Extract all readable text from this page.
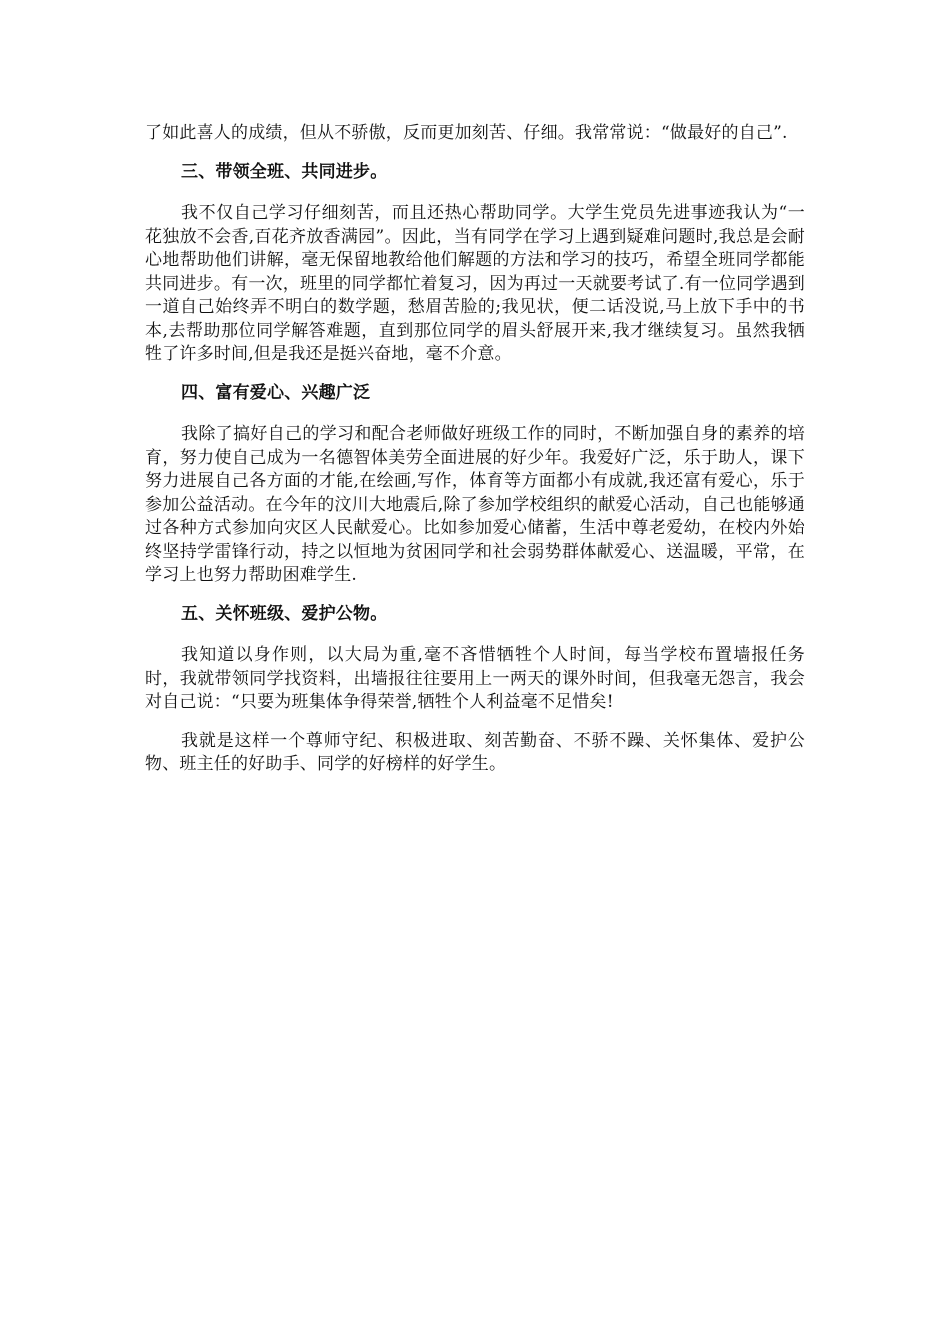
了如此喜人的成绩，但从不骄傲，反而更加刻苦、仔细。我常常说：“做最好的自己”.

三、带领全班、共同进步。

我不仅自己学习仔细刻苦，而且还热心帮助同学。大学生党员先进事迹我认为“一花独放不会香,百花齐放香满园”。因此，当有同学在学习上遇到疑难问题时,我总是会耐心地帮助他们讲解，毫无保留地教给他们解题的方法和学习的技巧，希望全班同学都能共同进步。有一次，班里的同学都忙着复习，因为再过一天就要考试了.有一位同学遇到一道自己始终弄不明白的数学题，愁眉苦脸的;我见状，便二话没说,马上放下手中的书本,去帮助那位同学解答难题，直到那位同学的眉头舒展开来,我才继续复习。虽然我牺牲了许多时间,但是我还是挺兴奋地，毫不介意。

四、富有爱心、兴趣广泛

我除了搞好自己的学习和配合老师做好班级工作的同时，不断加强自身的素养的培育，努力使自己成为一名德智体美劳全面进展的好少年。我爱好广泛，乐于助人，课下努力进展自己各方面的才能,在绘画,写作，体育等方面都小有成就,我还富有爱心，乐于参加公益活动。在今年的汶川大地震后,除了参加学校组织的献爱心活动，自己也能够通过各种方式参加向灾区人民献爱心。比如参加爱心储蓄，生活中尊老爱幼，在校内外始终坚持学雷锋行动，持之以恒地为贫困同学和社会弱势群体献爱心、送温暖，平常，在学习上也努力帮助困难学生.

五、关怀班级、爱护公物。

我知道以身作则，以大局为重,毫不吝惜牺牲个人时间，每当学校布置墙报任务时，我就带领同学找资料，出墙报往往要用上一两天的课外时间，但我毫无怨言，我会对自己说：“只要为班集体争得荣誉,牺牲个人利益毫不足惜矣!

我就是这样一个尊师守纪、积极进取、刻苦勤奋、不骄不躁、关怀集体、爱护公物、班主任的好助手、同学的好榜样的好学生。
